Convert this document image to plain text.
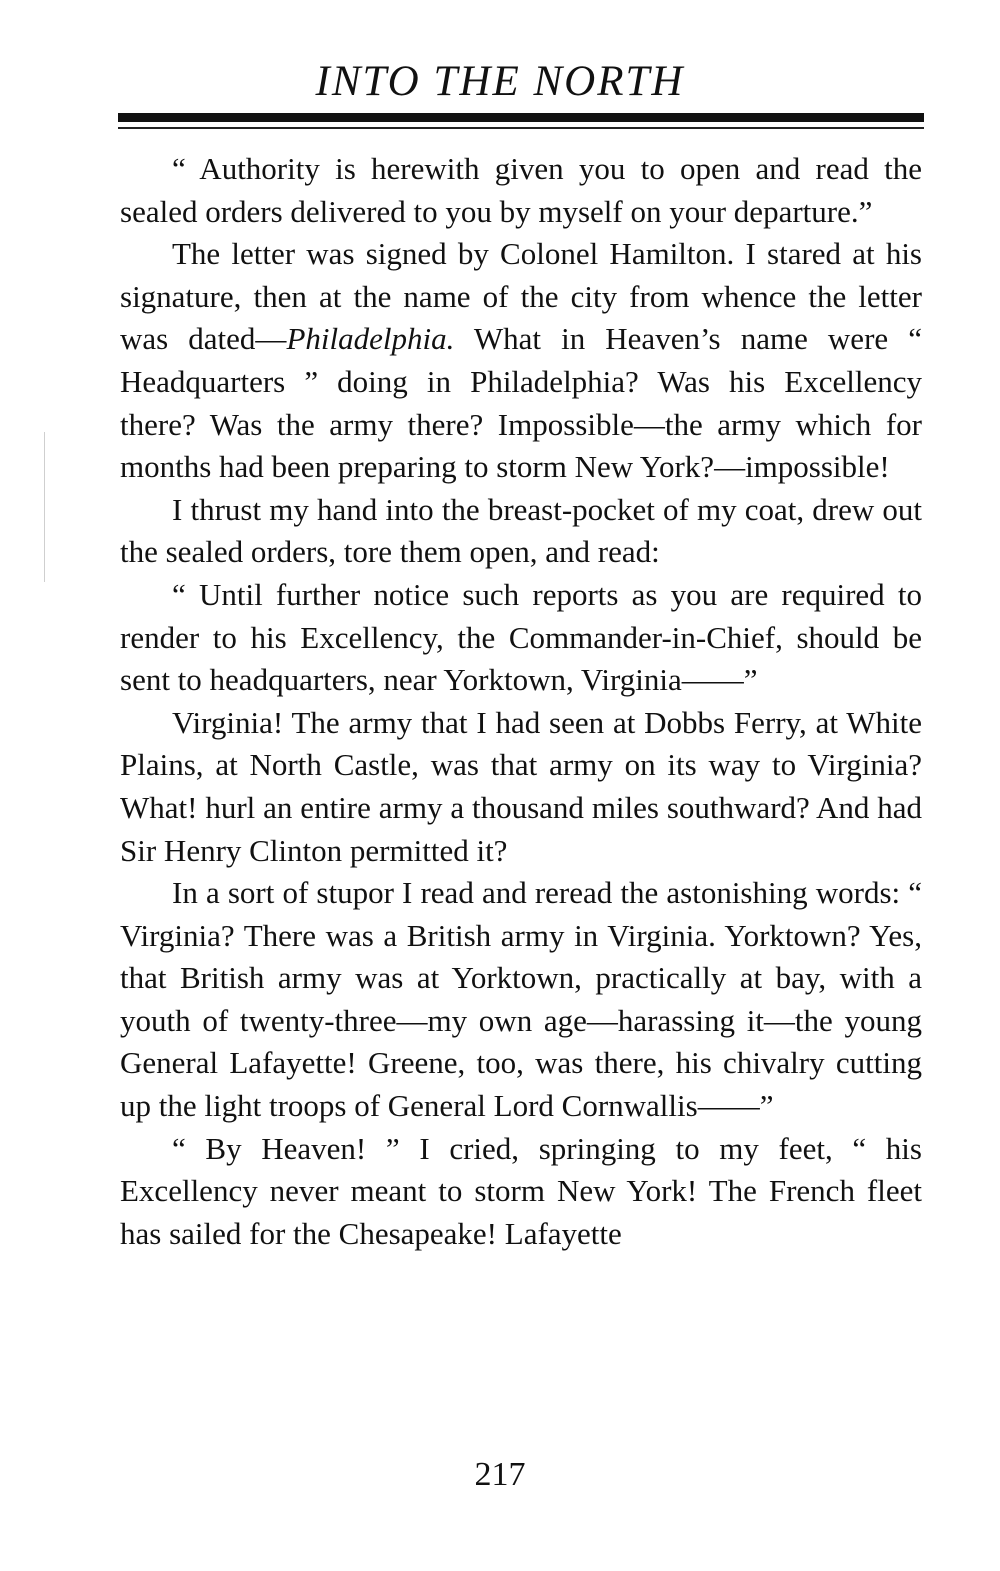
INTO THE NORTH

“ Authority is herewith given you to open and read the sealed orders delivered to you by myself on your departure.”

The letter was signed by Colonel Hamilton. I stared at his signature, then at the name of the city from whence the letter was dated—Philadelphia. What in Heaven’s name were “ Headquarters ” doing in Philadelphia? Was his Excellency there? Was the army there? Impossible—the army which for months had been preparing to storm New York?—impossible!

I thrust my hand into the breast-pocket of my coat, drew out the sealed orders, tore them open, and read:

“ Until further notice such reports as you are required to render to his Excellency, the Commander-in-Chief, should be sent to headquarters, near Yorktown, Virginia——”

Virginia! The army that I had seen at Dobbs Ferry, at White Plains, at North Castle, was that army on its way to Virginia? What! hurl an entire army a thousand miles southward? And had Sir Henry Clinton permitted it?

In a sort of stupor I read and reread the astonishing words: “ Virginia? There was a British army in Virginia. Yorktown? Yes, that British army was at Yorktown, practically at bay, with a youth of twenty-three—my own age—harassing it—the young General Lafayette! Greene, too, was there, his chivalry cutting up the light troops of General Lord Cornwallis——”

“ By Heaven! ” I cried, springing to my feet, “ his Excellency never meant to storm New York! The French fleet has sailed for the Chesapeake! Lafayette

217
